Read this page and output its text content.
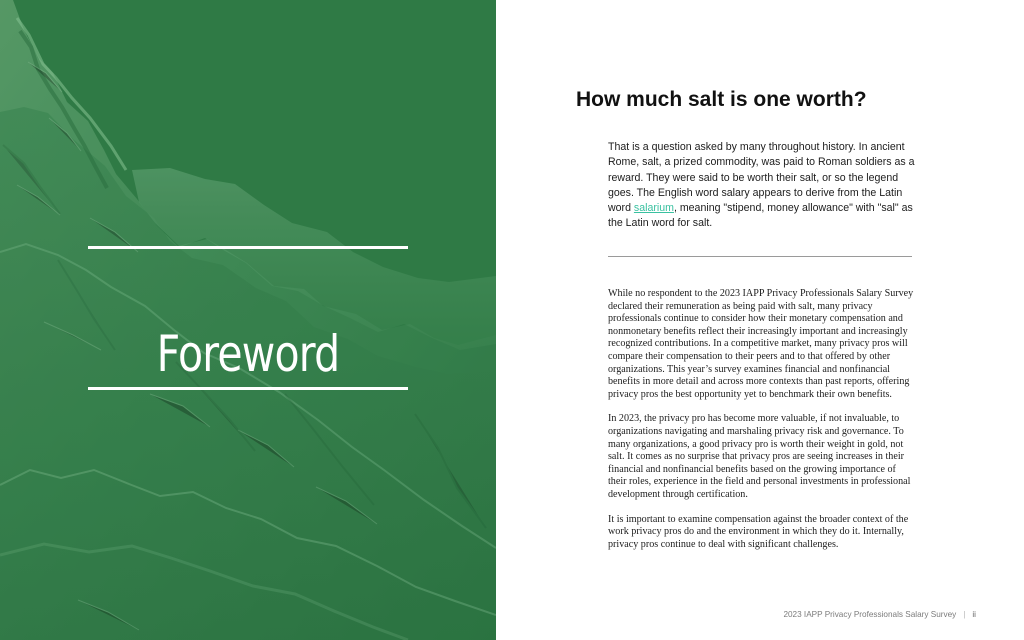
Foreword
How much salt is one worth?

That is a question asked by many throughout history. In ancient Rome, salt, a prized commodity, was paid to Roman soldiers as a reward. They were said to be worth their salt, or so the legend goes. The English word salary appears to derive from the Latin word salarium, meaning "stipend, money allowance" with "sal" as the Latin word for salt.

While no respondent to the 2023 IAPP Privacy Professionals Salary Survey declared their remuneration as being paid with salt, many privacy professionals continue to consider how their monetary compensation and nonmonetary benefits reflect their increasingly important and increasingly recognized contributions. In a competitive market, many privacy pros will compare their compensation to their peers and to that offered by other organizations. This year’s survey examines financial and nonfinancial benefits in more detail and across more contexts than past reports, offering privacy pros the best opportunity yet to benchmark their own benefits.

In 2023, the privacy pro has become more valuable, if not invaluable, to organizations navigating and marshaling privacy risk and governance. To many organizations, a good privacy pro is worth their weight in gold, not salt. It comes as no surprise that privacy pros are seeing increases in their financial and nonfinancial benefits based on the growing importance of their roles, experience in the field and personal investments in professional development through certification.

It is important to examine compensation against the broader context of the work privacy pros do and the environment in which they do it. Internally, privacy pros continue to deal with significant challenges.

2023 IAPP Privacy Professionals Salary Survey | ii
